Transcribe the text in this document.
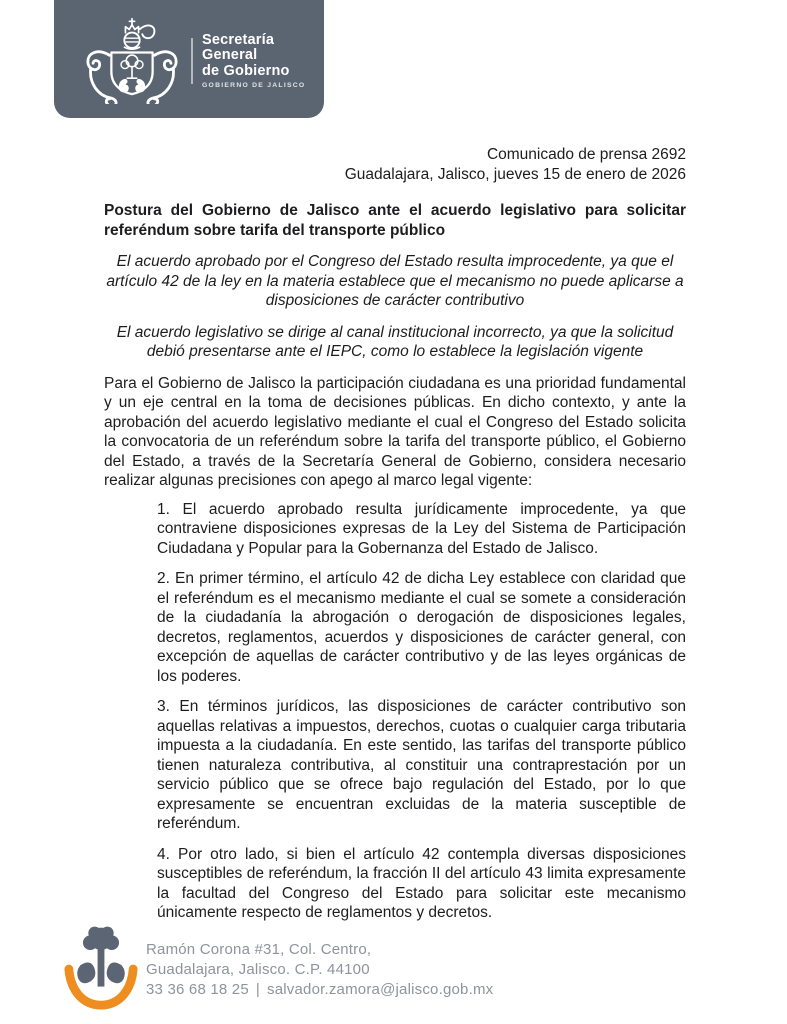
Secretaría General
de Gobierno
GOBIERNO DE JALISCO
Comunicado de prensa 2692
Guadalajara, Jalisco, jueves 15 de enero de 2026
Postura del Gobierno de Jalisco ante el acuerdo legislativo para solicitar referéndum sobre tarifa del transporte público

El acuerdo aprobado por el Congreso del Estado resulta improcedente, ya que el artículo 42 de la ley en la materia establece que el mecanismo no puede aplicarse a disposiciones de carácter contributivo

El acuerdo legislativo se dirige al canal institucional incorrecto, ya que la solicitud debió presentarse ante el IEPC, como lo establece la legislación vigente

Para el Gobierno de Jalisco la participación ciudadana es una prioridad fundamental y un eje central en la toma de decisiones públicas. En dicho contexto, y ante la aprobación del acuerdo legislativo mediante el cual el Congreso del Estado solicita la convocatoria de un referéndum sobre la tarifa del transporte público, el Gobierno del Estado, a través de la Secretaría General de Gobierno, considera necesario realizar algunas precisiones con apego al marco legal vigente:

1. El acuerdo aprobado resulta jurídicamente improcedente, ya que contraviene disposiciones expresas de la Ley del Sistema de Participación Ciudadana y Popular para la Gobernanza del Estado de Jalisco.

2. En primer término, el artículo 42 de dicha Ley establece con claridad que el referéndum es el mecanismo mediante el cual se somete a consideración de la ciudadanía la abrogación o derogación de disposiciones legales, decretos, reglamentos, acuerdos y disposiciones de carácter general, con excepción de aquellas de carácter contributivo y de las leyes orgánicas de los poderes.

3. En términos jurídicos, las disposiciones de carácter contributivo son aquellas relativas a impuestos, derechos, cuotas o cualquier carga tributaria impuesta a la ciudadanía. En este sentido, las tarifas del transporte público tienen naturaleza contributiva, al constituir una contraprestación por un servicio público que se ofrece bajo regulación del Estado, por lo que expresamente se encuentran excluidas de la materia susceptible de referéndum.

4. Por otro lado, si bien el artículo 42 contempla diversas disposiciones susceptibles de referéndum, la fracción II del artículo 43 limita expresamente la facultad del Congreso del Estado para solicitar este mecanismo únicamente respecto de reglamentos y decretos.

Ramón Corona #31, Col. Centro,
Guadalajara, Jalisco. C.P. 44100
33 36 68 18 25 | salvador.zamora@jalisco.gob.mx
